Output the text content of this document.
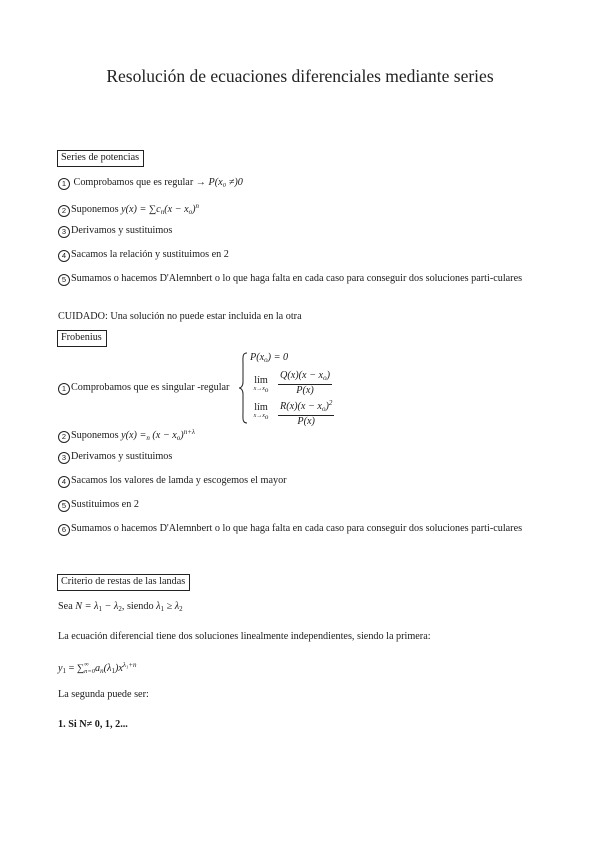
Resolución de ecuaciones diferenciales mediante series
Series de potencias
1 Comprobamos que es regular → P(x₀ ≠)0
2 Suponemos $y(x) = \sum c_n(x - x_o)^n$
3 Derivamos y sustituimos
4 Sacamos la relación y sustituimos en 2
5 Sumamos o hacemos D'Alemnbert o lo que haga falta en cada caso para conseguir dos soluciones parti-culares
CUIDADO: Una solución no puede estar incluida en la otra
Frobenius
1 Comprobamos que es singular -regular
$P(x_o) = 0$
lím
$x\to x_o \frac{Q(x)(x - x_o)}{P(x)}$
lím
$x\to x_o \frac{R(x)(x - x_o)^2}{P(x)}$
2 Suponemos $y(x) =_n$ $(x - x_o)^{n+\lambda}$
3 Derivamos y sustituimos
4 Sacamos los valores de lamda y escogemos el mayor
5 Sustituimos en 2
6 Sumamos o hacemos D'Alemnbert o lo que haga falta en cada caso para conseguir dos soluciones parti-culares
Criterio de restas de las landas
Sea $N = \lambda_1 - \lambda_2$, siendo $\lambda_1 \ge \lambda_2$
La ecuación diferencial tiene dos soluciones linealmente independientes, siendo la primera:
$y_1$ = ∑ ∞
n=0 $a_n(\lambda_1)x^{\lambda_1+n}$
La segunda puede ser:
1. Si N≠ 0, 1, 2...
